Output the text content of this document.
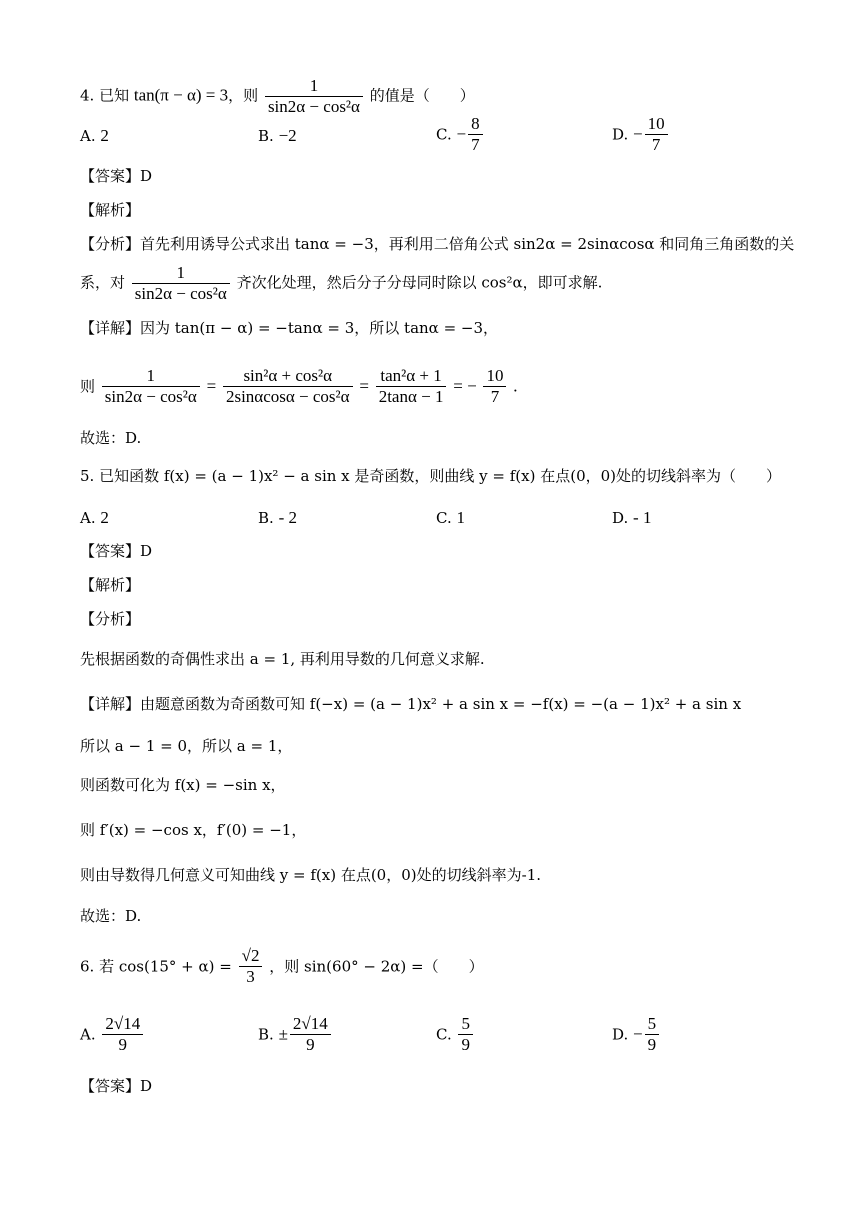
4. 已知 tan(π − α) = 3，则 $\frac{1}{\text{sin2α − cos²α}}$ 的值是（　　）
A. 2	B. −2	C. − $\frac{8}{7}$	D. − $\frac{10}{7}$
【答案】D
【解析】
【分析】首先利用诱导公式求出 tanα = −3，再利用二倍角公式 sin2α = 2sinαcosα 和同角三角函数的关
系，对 $\frac{1}{\text{sin2α − cos²α}}$ 齐次化处理，然后分子分母同时除以 cos²α，即可求解.
【详解】因为 tan(π − α) = −tanα = 3，所以 tanα = −3，
则 $\frac{1}{\text{sin2α − cos²α}} = \frac{\text{sin²α + cos²α}}{\text{2sinαcosα − cos²α}} = \frac{\text{tan²α + 1}}{2\tan\alpha - 1}$ = − $\frac{10}{7}$ .
故选：D.
5. 已知函数 f(x) = (a − 1)x² − a sin x 是奇函数，则曲线 y = f(x) 在点(0，0)处的切线斜率为（　　）
A. 2	B. - 2	C. 1	D. - 1
【答案】D
【解析】
【分析】
先根据函数的奇偶性求出 a = 1, 再利用导数的几何意义求解.
【详解】由题意函数为奇函数可知 f(−x) = (a − 1)x² + a sin x = −f(x) = −(a − 1)x² + a sin x
所以 a − 1 = 0，所以 a = 1，
则函数可化为 f(x) = −sin x，
则 f′(x) = −cos x，f′(0) = −1，
则由导数得几何意义可知曲线 y = f(x) 在点(0，0)处的切线斜率为-1.
故选：D.
6. 若 $\cos(15^\circ + \alpha) = \frac{√2}{3}$ ，则 sin(60° − 2α) =（　　）
A. $\frac{2√14}{9}$	B. ± $\frac{2√14}{9}$	C. $\frac{5}{9}$	D. − $\frac{5}{9}$
【答案】D
